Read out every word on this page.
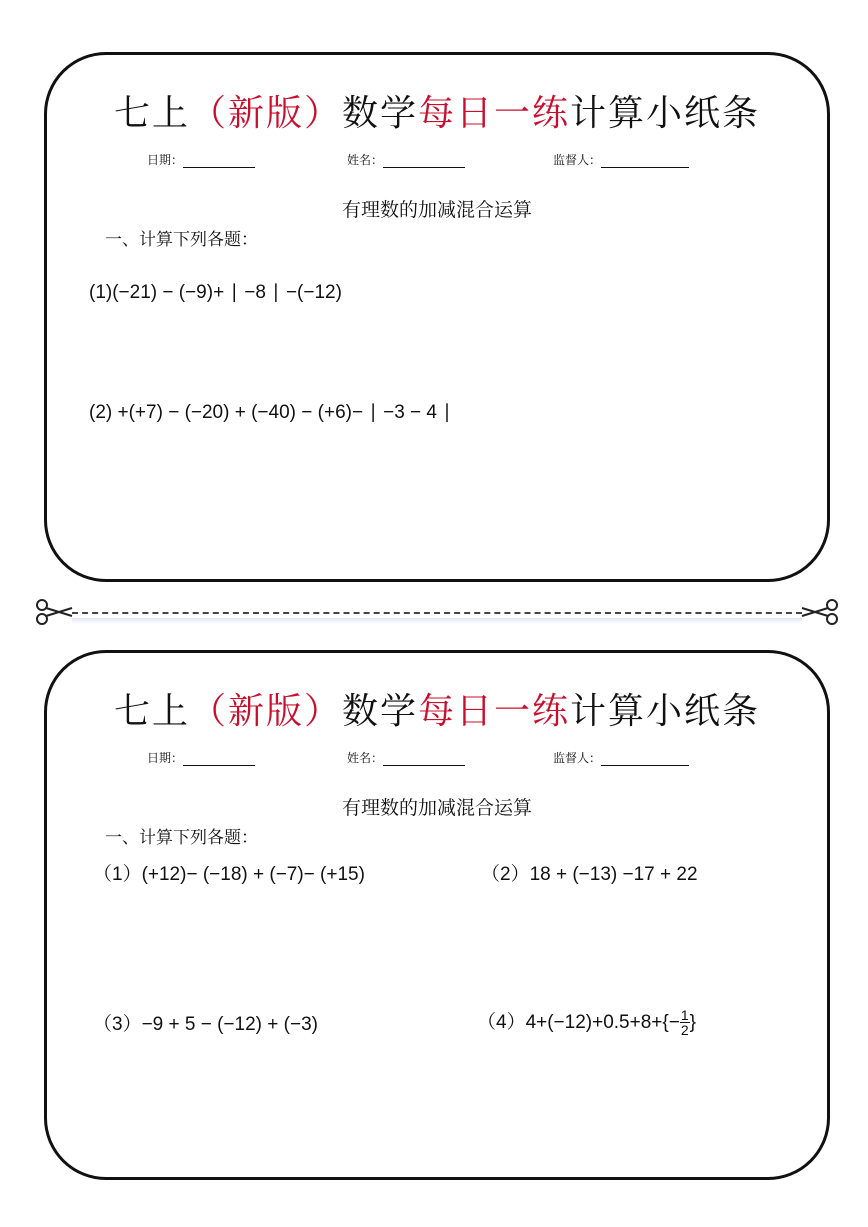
七上（新版）数学每日一练计算小纸条
日期：	姓名：	监督人：
有理数的加减混合运算
一、计算下列各题：
(1)(−21) − (−9)+ ∣ −8 ∣ −(−12)
(2) +(+7) − (−20) + (−40) − (+6)− ∣ −3 − 4 ∣
七上（新版）数学每日一练计算小纸条
日期：	姓名：	监督人：
有理数的加减混合运算
一、计算下列各题：
（1）(+12)− (−18) + (−7)− (+15)	（2）18 + (−13) −17 + 22
（3）−9 + 5 − (−12) + (−3)	$(4)4+(-12)+0.5+8+\{- \frac{1}{2}$ }
